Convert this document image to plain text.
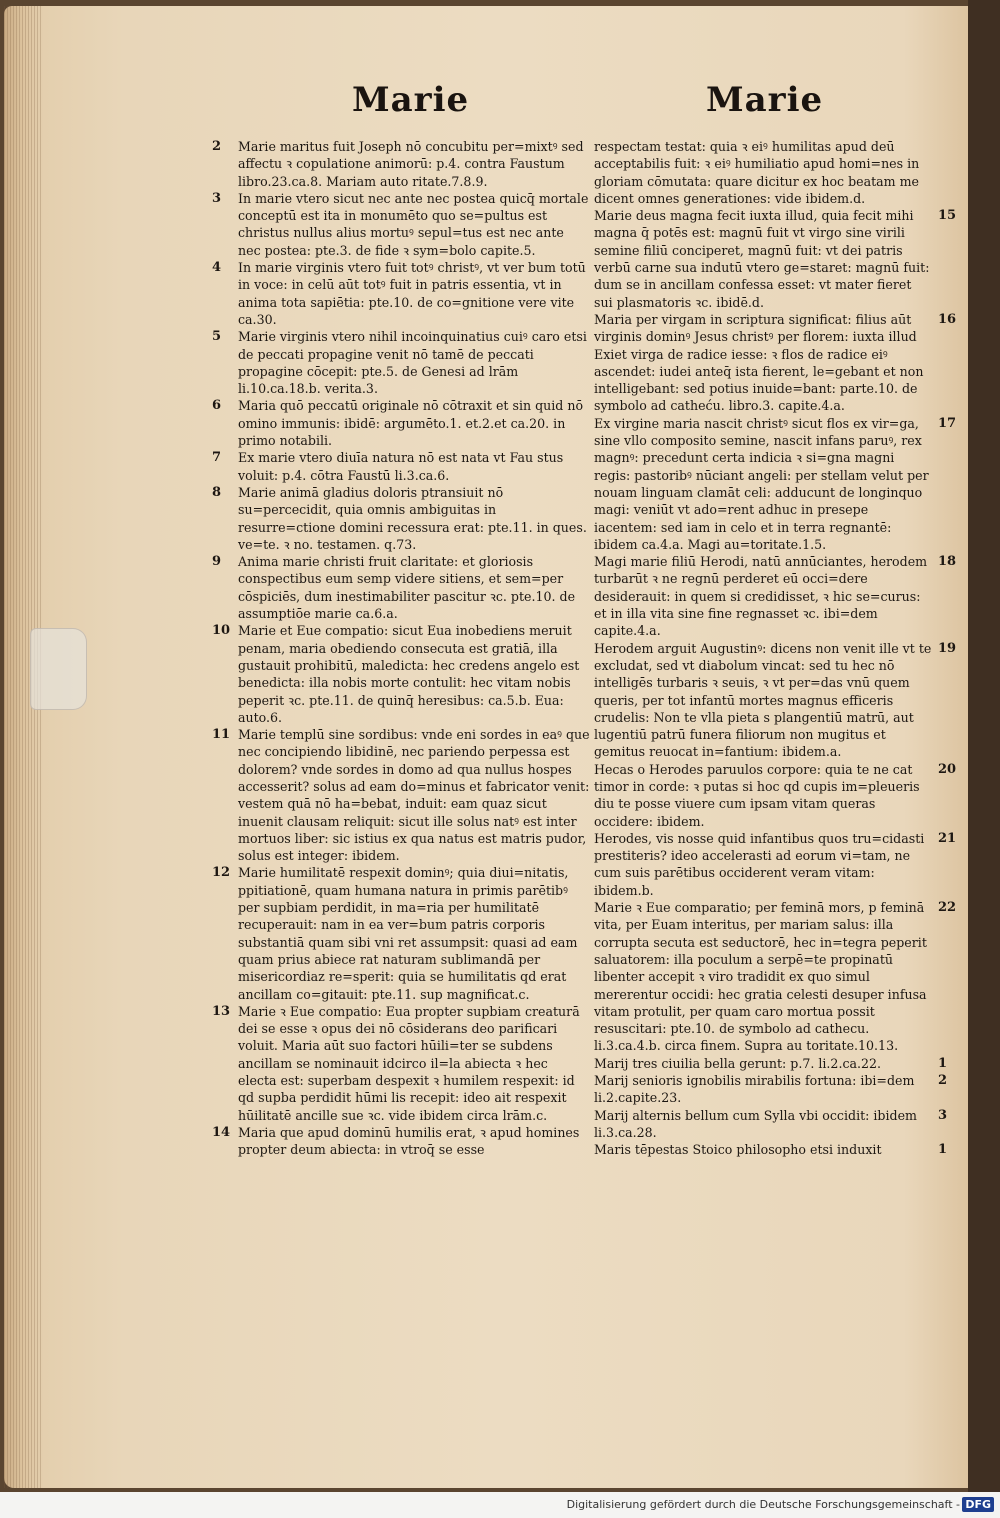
Marie	Marie
2 Marie maritus fuit Joseph nō concubitu per=mixtꝰ sed affectu ꝛ copulatione animorū: p.4. contra Faustum libro.23.ca.8. Mariam auto ritate.7.8.9.
3 In marie vtero sicut nec ante nec postea quicq̄ mortale conceptū est ita in monumēto quo se=pultus est christus nullus alius mortuꝰ sepul=tus est nec ante nec postea: pte.3. de fide ꝛ sym=bolo capite.5.
4 In marie virginis vtero fuit totꝰ christꝰ, vt ver bum totū in voce: in celū aūt totꝰ fuit in patris essentia, vt in anima tota sapiētia: pte.10. de co=gnitione vere vite ca.30.
5 Marie virginis vtero nihil incoinquinatius cuiꝰ caro etsi de peccati propagine venit nō tamē de peccati propagine cōcepit: pte.5. de Genesi ad lrām li.10.ca.18.b. verita.3.
6 Maria quō peccatū originale nō cōtraxit et sin quid nō omino immunis: ibidē: argumēto.1. et.2.et ca.20. in primo notabili.
7 Ex marie vtero diuīa natura nō est nata vt Fau stus voluit: p.4. cōtra Faustū li.3.ca.6.
8 Marie animā gladius doloris ptransiuit nō su=percecidit, quia omnis ambiguitas in resurre=ctione domini recessura erat: pte.11. in ques. ve=te. ꝛ no. testamen. q.73.
9 Anima marie christi fruit claritate: et gloriosis conspectibus eum semp videre sitiens, et sem=per cōspiciēs, dum inestimabiliter pascitur ꝛc. pte.10. de assumptiōe marie ca.6.a.
10 Marie et Eue compatio: sicut Eua inobediens meruit penam, maria obediendo consecuta est gratiā, illa gustauit prohibitū, maledicta: hec credens angelo est benedicta: illa nobis morte contulit: hec vitam nobis peperit ꝛc. pte.11. de quinq̄ heresibus: ca.5.b. Eua: auto.6.
11 Marie templū sine sordibus: vnde eni sordes in eaꝰ que nec concipiendo libidinē, nec pariendo perpessa est dolorem? vnde sordes in domo ad qua nullus hospes accesserit? solus ad eam do=minus et fabricator venit: vestem quā nō ha=bebat, induit: eam quaz sicut inuenit clausam reliquit: sicut ille solus natꝰ est inter mortuos liber: sic istius ex qua natus est matris pudor, solus est integer: ibidem.
12 Marie humilitatē respexit dominꝰ; quia diui=nitatis, ppitiationē, quam humana natura in primis parētibꝰ per supbiam perdidit, in ma=ria per humilitatē recuperauit: nam in ea ver=bum patris corporis substantiā quam sibi vni ret assumpsit: quasi ad eam quam prius abiece rat naturam sublimandā per misericordiaz re=sperit: quia se humilitatis qd erat ancillam co=gitauit: pte.11. sup magnificat.c.
13 Marie ꝛ Eue compatio: Eua propter supbiam creaturā dei se esse ꝛ opus dei nō cōsiderans deo parificari voluit. Maria aūt suo factori hūili=ter se subdens ancillam se nominauit idcirco il=la abiecta ꝛ hec electa est: superbam despexit ꝛ humilem respexit: id qd supba perdidit hūmi lis recepit: ideo ait respexit hūilitatē ancille sue ꝛc. vide ibidem circa lrām.c.
14 Maria que apud dominū humilis erat, ꝛ apud homines propter deum abiecta: in vtroq̄ se esse
respectam testat: quia ꝛ eiꝰ humilitas apud deū acceptabilis fuit: ꝛ eiꝰ humiliatio apud homi=nes in gloriam cōmutata: quare dicitur ex hoc beatam me dicent omnes generationes: vide ibidem.d.
15
Marie deus magna fecit iuxta illud, quia fecit mihi magna q̄ potēs est: magnū fuit vt virgo sine virili semine filiū conciperet, magnū fuit: vt dei patris verbū carne sua indutū vtero ge=staret: magnū fuit: dum se in ancillam confessa esset: vt mater fieret sui plasmatoris ꝛc. ibidē.d.
16
Maria per virgam in scriptura significat: filius aūt virginis dominꝰ Jesus christꝰ per florem: iuxta illud Exiet virga de radice iesse: ꝛ flos de radice eiꝰ ascendet: iudei anteq̄ ista fierent, le=gebant et non intelligebant: sed potius inuide=bant: parte.10. de symbolo ad catheću. libro.3. capite.4.a.
17
Ex virgine maria nascit christꝰ sicut flos ex vir=ga, sine vllo composito semine, nascit infans paruꝰ, rex magnꝰ: precedunt certa indicia ꝛ si=gna magni regis: pastoribꝰ nūciant angeli: per stellam velut per nouam linguam clamāt celi: adducunt de longinquo magi: veniūt vt ado=rent adhuc in presepe iacentem: sed iam in celo et in terra regnantē: ibidem ca.4.a. Magi au=toritate.1.5.
18
Magi marie filiū Herodi, natū annūciantes, herodem turbarūt ꝛ ne regnū perderet eū occi=dere desiderauit: in quem si credidisset, ꝛ hic se=curus: et in illa vita sine fine regnasset ꝛc. ibi=dem capite.4.a.
19
Herodem arguit Augustinꝰ: dicens non venit ille vt te excludat, sed vt diabolum vincat: sed tu hec nō intelligēs turbaris ꝛ seuis, ꝛ vt per=das vnū quem queris, per tot infantū mortes magnus efficeris crudelis: Non te vlla pieta s plangentiū matrū, aut lugentiū patrū funera filiorum non mugitus et gemitus reuocat in=fantium: ibidem.a.
20
Hecas o Herodes paruulos corpore: quia te ne cat timor in corde: ꝛ putas si hoc qd cupis im=pleueris diu te posse viuere cum ipsam vitam queras occidere: ibidem.
21
Herodes, vis nosse quid infantibus quos tru=cidasti prestiteris? ideo accelerasti ad eorum vi=tam, ne cum suis parētibus occiderent veram vitam: ibidem.b.
22
Marie ꝛ Eue comparatio; per feminā mors, p feminā vita, per Euam interitus, per mariam salus: illa corrupta secuta est seductorē, hec in=tegra peperit saluatorem: illa poculum a serpē=te propinatū libenter accepit ꝛ viro tradidit ex quo simul mererentur occidi: hec gratia celesti desuper infusa vitam protulit, per quam caro mortua possit resuscitari: pte.10. de symbolo ad cathecu. li.3.ca.4.b. circa finem. Supra au toritate.10.13.
1
Marij tres ciuilia bella gerunt: p.7. li.2.ca.22.
2
Marij senioris ignobilis mirabilis fortuna: ibi=dem li.2.capite.23.
3
Marij alternis bellum cum Sylla vbi occidit: ibidem li.3.ca.28.
1
Maris tēpestas Stoico philosopho etsi induxit
Digitalisierung gefördert durch die Deutsche Forschungsgemeinschaft - DFG
